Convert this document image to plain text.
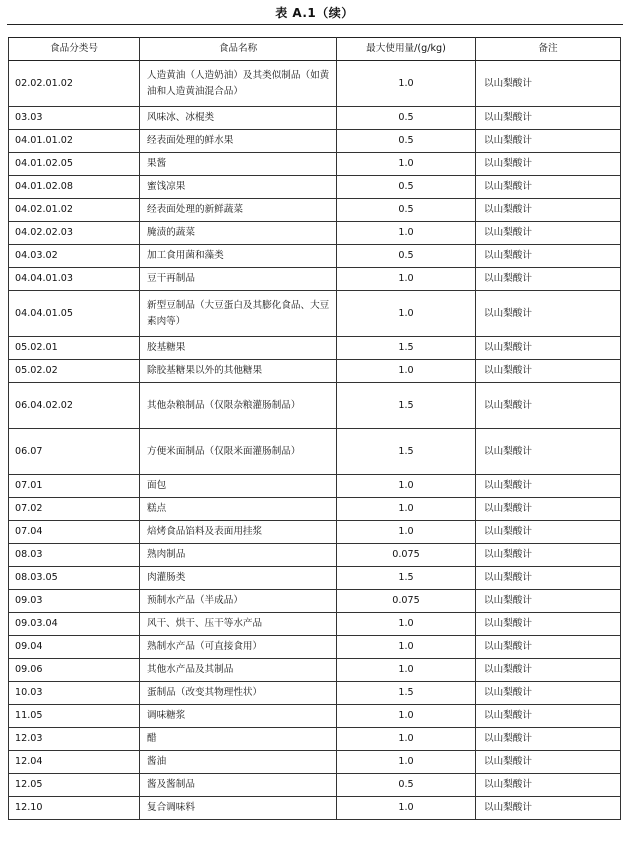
表 A.1（续）
食品分类号	食品名称	最大使用量/(g/kg)	备注
02.02.01.02	人造黄油（人造奶油）及其类似制品（如黄油和人造黄油混合品）	1.0	以山梨酸计
03.03	风味冰、冰棍类	0.5	以山梨酸计
04.01.01.02	经表面处理的鲜水果	0.5	以山梨酸计
04.01.02.05	果酱	1.0	以山梨酸计
04.01.02.08	蜜饯凉果	0.5	以山梨酸计
04.02.01.02	经表面处理的新鲜蔬菜	0.5	以山梨酸计
04.02.02.03	腌渍的蔬菜	1.0	以山梨酸计
04.03.02	加工食用菌和藻类	0.5	以山梨酸计
04.04.01.03	豆干再制品	1.0	以山梨酸计
04.04.01.05	新型豆制品（大豆蛋白及其膨化食品、大豆素肉等）	1.0	以山梨酸计
05.02.01	胶基糖果	1.5	以山梨酸计
05.02.02	除胶基糖果以外的其他糖果	1.0	以山梨酸计
06.04.02.02	其他杂粮制品（仅限杂粮灌肠制品）	1.5	以山梨酸计
06.07	方便米面制品（仅限米面灌肠制品）	1.5	以山梨酸计
07.01	面包	1.0	以山梨酸计
07.02	糕点	1.0	以山梨酸计
07.04	焙烤食品馅料及表面用挂浆	1.0	以山梨酸计
08.03	熟肉制品	0.075	以山梨酸计
08.03.05	肉灌肠类	1.5	以山梨酸计
09.03	预制水产品（半成品）	0.075	以山梨酸计
09.03.04	风干、烘干、压干等水产品	1.0	以山梨酸计
09.04	熟制水产品（可直接食用）	1.0	以山梨酸计
09.06	其他水产品及其制品	1.0	以山梨酸计
10.03	蛋制品（改变其物理性状）	1.5	以山梨酸计
11.05	调味糖浆	1.0	以山梨酸计
12.03	醋	1.0	以山梨酸计
12.04	酱油	1.0	以山梨酸计
12.05	酱及酱制品	0.5	以山梨酸计
12.10	复合调味料	1.0	以山梨酸计
